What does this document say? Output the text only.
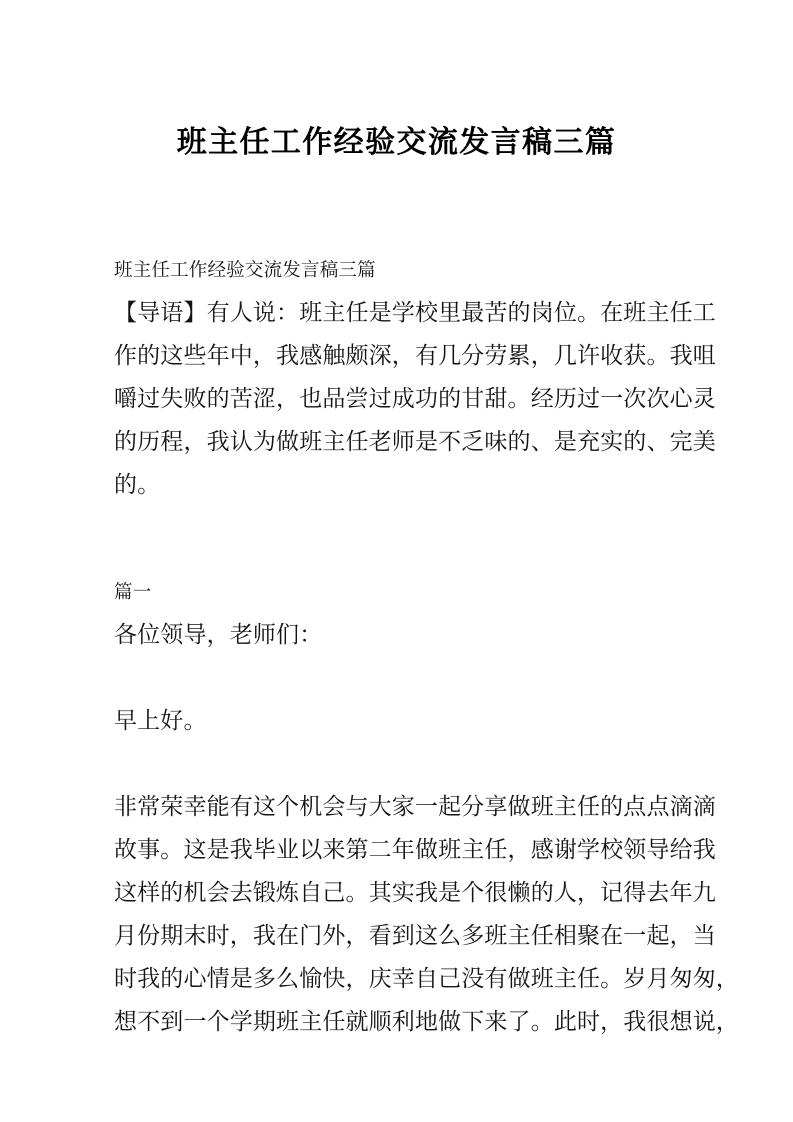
班主任工作经验交流发言稿三篇
班主任工作经验交流发言稿三篇
【导语】有人说：班主任是学校里最苦的岗位。在班主任工
作的这些年中，我感触颇深，有几分劳累，几许收获。我咀
嚼过失败的苦涩，也品尝过成功的甘甜。经历过一次次心灵
的历程，我认为做班主任老师是不乏味的、是充实的、完美
的。
篇一
各位领导，老师们：
早上好。
非常荣幸能有这个机会与大家一起分享做班主任的点点滴滴
故事。这是我毕业以来第二年做班主任，感谢学校领导给我
这样的机会去锻炼自己。其实我是个很懒的人，记得去年九
月份期末时，我在门外，看到这么多班主任相聚在一起，当
时我的心情是多么愉快，庆幸自己没有做班主任。岁月匆匆，
想不到一个学期班主任就顺利地做下来了。此时，我很想说，
